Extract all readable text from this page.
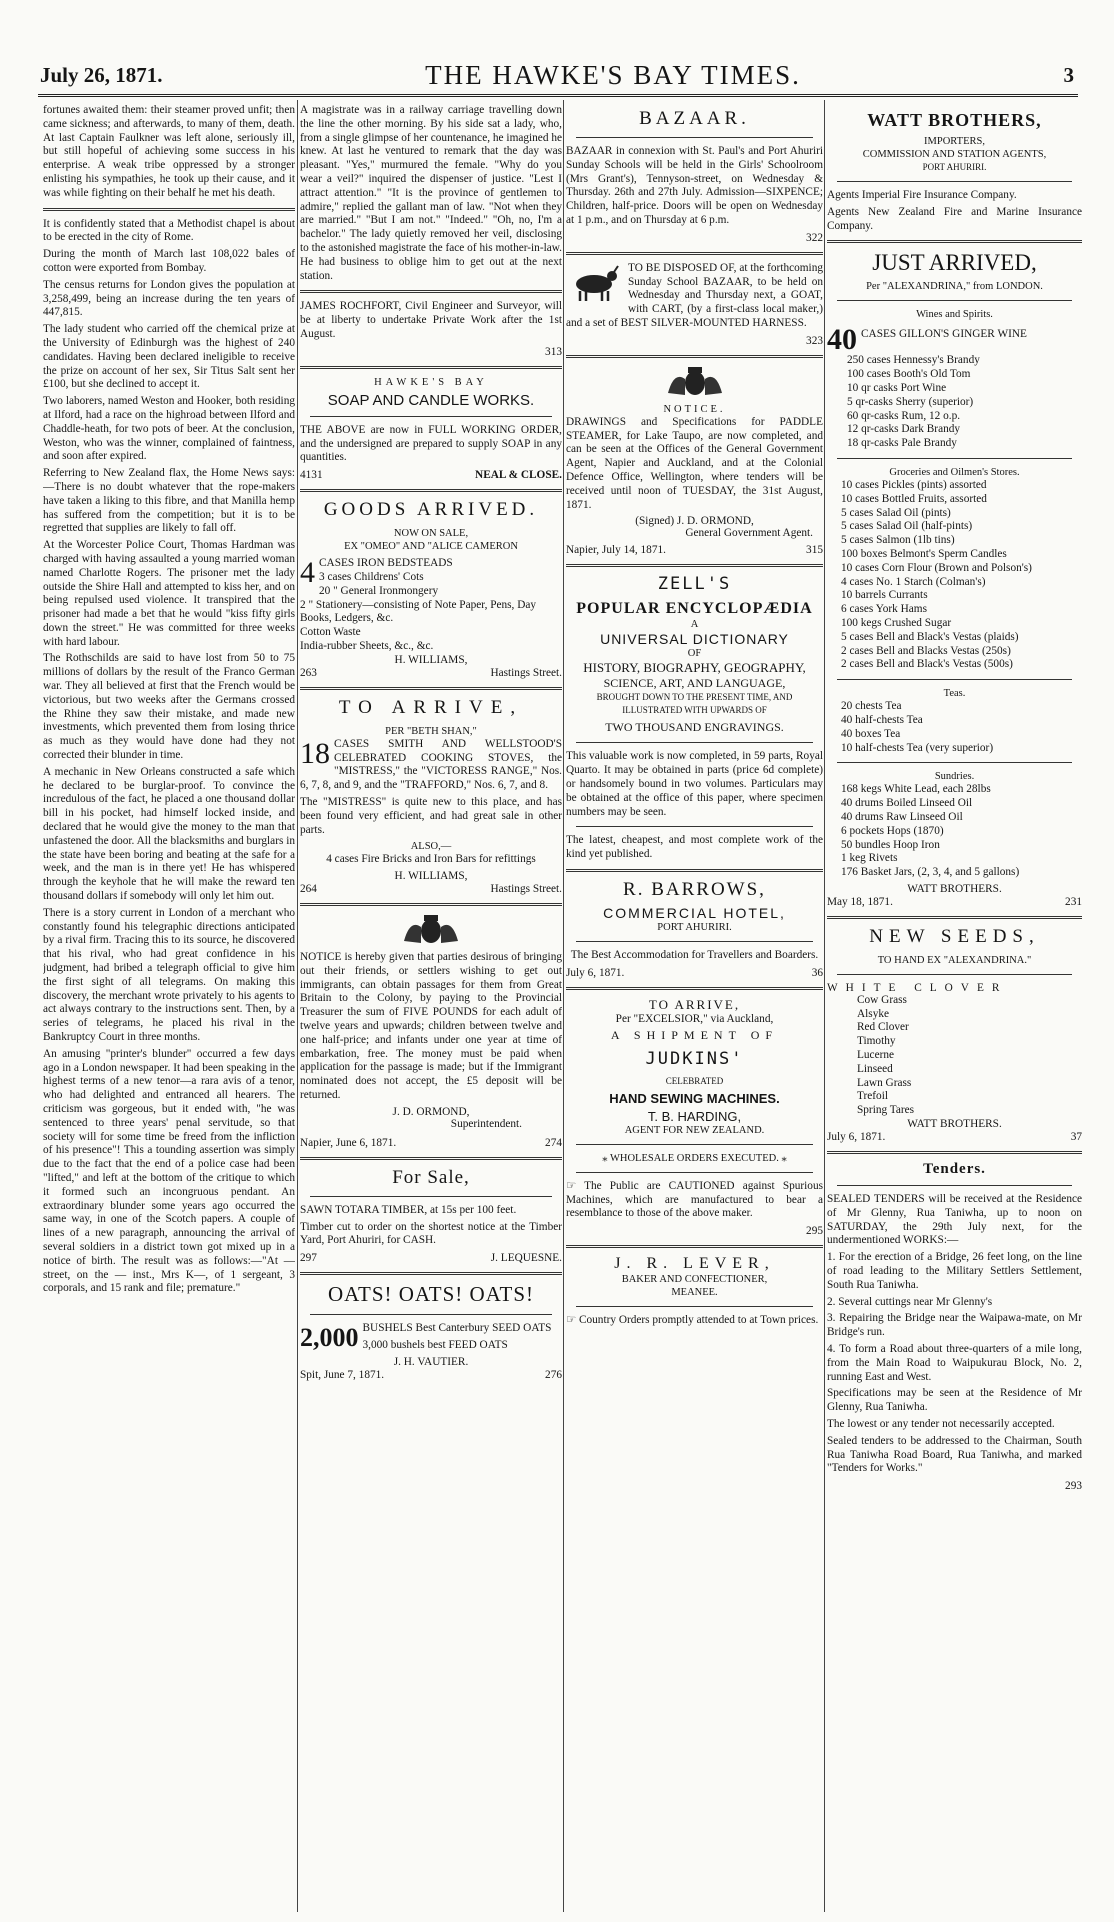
July 26, 1871.	THE HAWKE'S BAY TIMES.	3

fortunes awaited them: their steamer proved unfit; then came sickness; and afterwards, to many of them, death. At last Captain Faulkner was left alone, seriously ill, but still hopeful of achieving some success in his enterprise. A weak tribe oppressed by a stronger enlisting his sympathies, he took up their cause, and it was while fighting on their behalf he met his death.

It is confidently stated that a Methodist chapel is about to be erected in the city of Rome.

During the month of March last 108,022 bales of cotton were exported from Bombay.

The census returns for London gives the population at 3,258,499, being an increase during the ten years of 447,815.

The lady student who carried off the chemical prize at the University of Edinburgh was the highest of 240 candidates. Having been declared ineligible to receive the prize on account of her sex, Sir Titus Salt sent her £100, but she declined to accept it.

Two laborers, named Weston and Hooker, both residing at Ilford, had a race on the highroad between Ilford and Chaddle-heath, for two pots of beer. At the conclusion, Weston, who was the winner, complained of faintness, and soon after expired.

Referring to New Zealand flax, the Home News says:—There is no doubt whatever that the rope-makers have taken a liking to this fibre, and that Manilla hemp has suffered from the competition; but it is to be regretted that supplies are likely to fall off.

At the Worcester Police Court, Thomas Hardman was charged with having assaulted a young married woman named Charlotte Rogers. The prisoner met the lady outside the Shire Hall and attempted to kiss her, and on being repulsed used violence. It transpired that the prisoner had made a bet that he would "kiss fifty girls down the street." He was committed for three weeks with hard labour.

The Rothschilds are said to have lost from 50 to 75 millions of dollars by the result of the Franco German war. They all believed at first that the French would be victorious, but two weeks after the Germans crossed the Rhine they saw their mistake, and made new investments, which prevented them from losing thrice as much as they would have done had they not corrected their blunder in time.

A mechanic in New Orleans constructed a safe which he declared to be burglar-proof. To convince the incredulous of the fact, he placed a one thousand dollar bill in his pocket, had himself locked inside, and declared that he would give the money to the man that unfastened the door. All the blacksmiths and burglars in the state have been boring and beating at the safe for a week, and the man is in there yet! He has whispered through the keyhole that he will make the reward ten thousand dollars if somebody will only let him out.

There is a story current in London of a merchant who constantly found his telegraphic directions anticipated by a rival firm. Tracing this to its source, he discovered that his rival, who had great confidence in his judgment, had bribed a telegraph official to give him the first sight of all telegrams. On making this discovery, the merchant wrote privately to his agents to act always contrary to the instructions sent. Then, by a series of telegrams, he placed his rival in the Bankruptcy Court in three months.

An amusing "printer's blunder" occurred a few days ago in a London newspaper. It had been speaking in the highest terms of a new tenor—a rara avis of a tenor, who had delighted and entranced all hearers. The criticism was gorgeous, but it ended with, "he was sentenced to three years' penal servitude, so that society will for some time be freed from the infliction of his presence"! This a tounding assertion was simply due to the fact that the end of a police case had been "lifted," and left at the bottom of the critique to which it formed such an incongruous pendant. An extraordinary blunder some years ago occurred the same way, in one of the Scotch papers. A couple of lines of a new paragraph, announcing the arrival of several soldiers in a district town got mixed up in a notice of birth. The result was as follows:—"At — street, on the — inst., Mrs K—, of 1 sergeant, 3 corporals, and 15 rank and file; premature."

A magistrate was in a railway carriage travelling down the line the other morning. By his side sat a lady, who, from a single glimpse of her countenance, he imagined he knew. At last he ventured to remark that the day was pleasant. "Yes," murmured the female. "Why do you wear a veil?" inquired the dispenser of justice. "Lest I attract attention." "It is the province of gentlemen to admire," replied the gallant man of law. "Not when they are married." "But I am not." "Indeed." "Oh, no, I'm a bachelor." The lady quietly removed her veil, disclosing to the astonished magistrate the face of his mother-in-law. He had business to oblige him to get out at the next station.

JAMES ROCHFORT, Civil Engineer and Surveyor, will be at liberty to undertake Private Work after the 1st August.

313
HAWKE'S BAY
SOAP AND CANDLE WORKS.

THE ABOVE are now in FULL WORKING ORDER, and the undersigned are prepared to supply SOAP in any quantities.

4131	NEAL & CLOSE.
GOODS ARRIVED.
NOW ON SALE,
EX "OMEO" AND "ALICE CAMERON
4 CASES IRON BEDSTEADS
3 cases Childrens' Cots
20 " General Ironmongery
2 " Stationery—consisting of Note Paper, Pens, Day Books, Ledgers, &c.
Cotton Waste
India-rubber Sheets, &c., &c.
H. WILLIAMS,
263	Hastings Street.
TO ARRIVE,
PER "BETH SHAN,"

18 CASES SMITH AND WELLSTOOD'S CELEBRATED COOKING STOVES, the "MISTRESS," the "VICTORESS RANGE," Nos. 6, 7, 8, and 9, and the "TRAFFORD," Nos. 6, 7, and 8.

The "MISTRESS" is quite new to this place, and has been found very efficient, and had great sale in other parts.

ALSO,—

4 cases Fire Bricks and Iron Bars for refittings

H. WILLIAMS,
264	Hastings Street.

NOTICE is hereby given that parties desirous of bringing out their friends, or settlers wishing to get out immigrants, can obtain passages for them from Great Britain to the Colony, by paying to the Provincial Treasurer the sum of FIVE POUNDS for each adult of twelve years and upwards; children between twelve and one half-price; and infants under one year at time of embarkation, free. The money must be paid when application for the passage is made; but if the Immigrant nominated does not accept, the £5 deposit will be returned.

J. D. ORMOND,
Superintendent.
Napier, June 6, 1871.	274
For Sale,

SAWN TOTARA TIMBER, at 15s per 100 feet.

Timber cut to order on the shortest notice at the Timber Yard, Port Ahuriri, for CASH.

297	J. LEQUESNE.
OATS! OATS! OATS!

2,000 BUSHELS Best Canterbury SEED OATS

3,000 bushels best FEED OATS

J. H. VAUTIER.
Spit, June 7, 1871.	276
BAZAAR.

BAZAAR in connexion with St. Paul's and Port Ahuriri Sunday Schools will be held in the Girls' Schoolroom (Mrs Grant's), Tennyson-street, on Wednesday & Thursday. 26th and 27th July. Admission—SIXPENCE; Children, half-price. Doors will be open on Wednesday at 1 p.m., and on Thursday at 6 p.m.

322

TO BE DISPOSED OF, at the forthcoming Sunday School BAZAAR, to be held on Wednesday and Thursday next, a GOAT, with CART, (by a first-class local maker,) and a set of BEST SILVER-MOUNTED HARNESS.

323
NOTICE.

DRAWINGS and Specifications for PADDLE STEAMER, for Lake Taupo, are now completed, and can be seen at the Offices of the General Government Agent, Napier and Auckland, and at the Colonial Defence Office, Wellington, where tenders will be received until noon of TUESDAY, the 31st August, 1871.

(Signed) J. D. ORMOND,
General Government Agent.
Napier, July 14, 1871.	315
ZELL'S
POPULAR ENCYCLOPÆDIA
A
UNIVERSAL DICTIONARY
OF
HISTORY, BIOGRAPHY, GEOGRAPHY,
SCIENCE, ART, AND LANGUAGE,
BROUGHT DOWN TO THE PRESENT TIME, AND ILLUSTRATED WITH UPWARDS OF
TWO THOUSAND ENGRAVINGS.

This valuable work is now completed, in 59 parts, Royal Quarto. It may be obtained in parts (price 6d complete) or handsomely bound in two volumes. Particulars may be obtained at the office of this paper, where specimen numbers may be seen.

The latest, cheapest, and most complete work of the kind yet published.

R. BARROWS,
COMMERCIAL HOTEL,
PORT AHURIRI.

The Best Accommodation for Travellers and Boarders.

July 6, 1871.	36
TO ARRIVE,
Per "EXCELSIOR," via Auckland,
A SHIPMENT OF
JUDKINS'
CELEBRATED
HAND SEWING MACHINES.
T. B. HARDING,
AGENT FOR NEW ZEALAND.
⁎ WHOLESALE ORDERS EXECUTED. ⁎

☞ The Public are CAUTIONED against Spurious Machines, which are manufactured to bear a resemblance to those of the above maker.

295
J. R. LEVER,
BAKER AND CONFECTIONER,
MEANEE.

☞ Country Orders promptly attended to at Town prices.

WATT BROTHERS,
IMPORTERS,
COMMISSION AND STATION AGENTS,
PORT AHURIRI.

Agents Imperial Fire Insurance Company.

Agents New Zealand Fire and Marine Insurance Company.

JUST ARRIVED,
Per "ALEXANDRINA," from LONDON.
Wines and Spirits.
40 CASES GILLON'S GINGER WINE
250 cases Hennessy's Brandy
100 cases Booth's Old Tom
10 qr casks Port Wine
5 qr-casks Sherry (superior)
60 qr-casks Rum, 12 o.p.
12 qr-casks Dark Brandy
18 qr-casks Pale Brandy
Groceries and Oilmen's Stores.
10 cases Pickles (pints) assorted
10 cases Bottled Fruits, assorted
5 cases Salad Oil (pints)
5 cases Salad Oil (half-pints)
5 cases Salmon (1lb tins)
100 boxes Belmont's Sperm Candles
10 cases Corn Flour (Brown and Polson's)
4 cases No. 1 Starch (Colman's)
10 barrels Currants
6 cases York Hams
100 kegs Crushed Sugar
5 cases Bell and Black's Vestas (plaids)
2 cases Bell and Blacks Vestas (250s)
2 cases Bell and Black's Vestas (500s)
Teas.
20 chests Tea
40 half-chests Tea
40 boxes Tea
10 half-chests Tea (very superior)
Sundries.
168 kegs White Lead, each 28lbs
40 drums Boiled Linseed Oil
40 drums Raw Linseed Oil
6 pockets Hops (1870)
50 bundles Hoop Iron
1 keg Rivets
176 Basket Jars, (2, 3, 4, and 5 gallons)
WATT BROTHERS.
May 18, 1871.	231
NEW SEEDS,
TO HAND EX "ALEXANDRINA."
WHITE CLOVER
Cow Grass
Alsyke
Red Clover
Timothy
Lucerne
Linseed
Lawn Grass
Trefoil
Spring Tares
WATT BROTHERS.
July 6, 1871.	37
Tenders.

SEALED TENDERS will be received at the Residence of Mr Glenny, Rua Taniwha, up to noon on SATURDAY, the 29th July next, for the undermentioned WORKS:—

1. For the erection of a Bridge, 26 feet long, on the line of road leading to the Military Settlers Settlement, South Rua Taniwha.

2. Several cuttings near Mr Glenny's

3. Repairing the Bridge near the Waipawa-mate, on Mr Bridge's run.

4. To form a Road about three-quarters of a mile long, from the Main Road to Waipukurau Block, No. 2, running East and West.

Specifications may be seen at the Residence of Mr Glenny, Rua Taniwha.

The lowest or any tender not necessarily accepted.

Sealed tenders to be addressed to the Chairman, South Rua Taniwha Road Board, Rua Taniwha, and marked "Tenders for Works."

293
